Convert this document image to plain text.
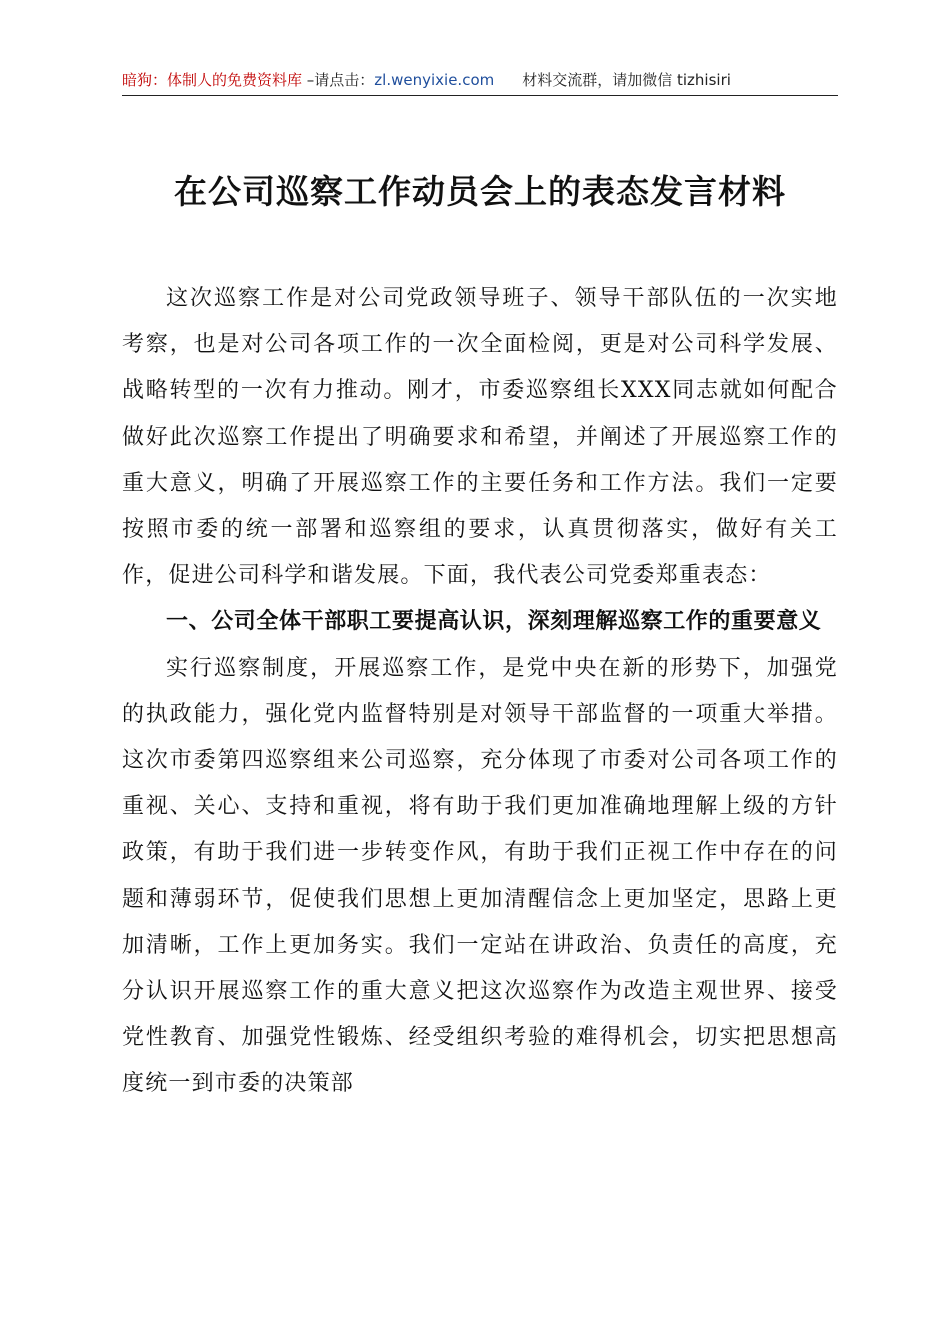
暗狗：体制人的免费资料库 –请点击：zl.wenyixie.com 材料交流群，请加微信 tizhisiri
在公司巡察工作动员会上的表态发言材料

这次巡察工作是对公司党政领导班子、领导干部队伍的一次实地考察，也是对公司各项工作的一次全面检阅，更是对公司科学发展、战略转型的一次有力推动。刚才，市委巡察组长XXX同志就如何配合做好此次巡察工作提出了明确要求和希望，并阐述了开展巡察工作的重大意义，明确了开展巡察工作的主要任务和工作方法。我们一定要按照市委的统一部署和巡察组的要求，认真贯彻落实，做好有关工作，促进公司科学和谐发展。下面，我代表公司党委郑重表态：

一、公司全体干部职工要提高认识，深刻理解巡察工作的重要意义

实行巡察制度，开展巡察工作，是党中央在新的形势下，加强党的执政能力，强化党内监督特别是对领导干部监督的一项重大举措。这次市委第四巡察组来公司巡察，充分体现了市委对公司各项工作的重视、关心、支持和重视，将有助于我们更加准确地理解上级的方针政策，有助于我们进一步转变作风，有助于我们正视工作中存在的问题和薄弱环节，促使我们思想上更加清醒信念上更加坚定，思路上更加清晰，工作上更加务实。我们一定站在讲政治、负责任的高度，充分认识开展巡察工作的重大意义把这次巡察作为改造主观世界、接受党性教育、加强党性锻炼、经受组织考验的难得机会，切实把思想高度统一到市委的决策部
